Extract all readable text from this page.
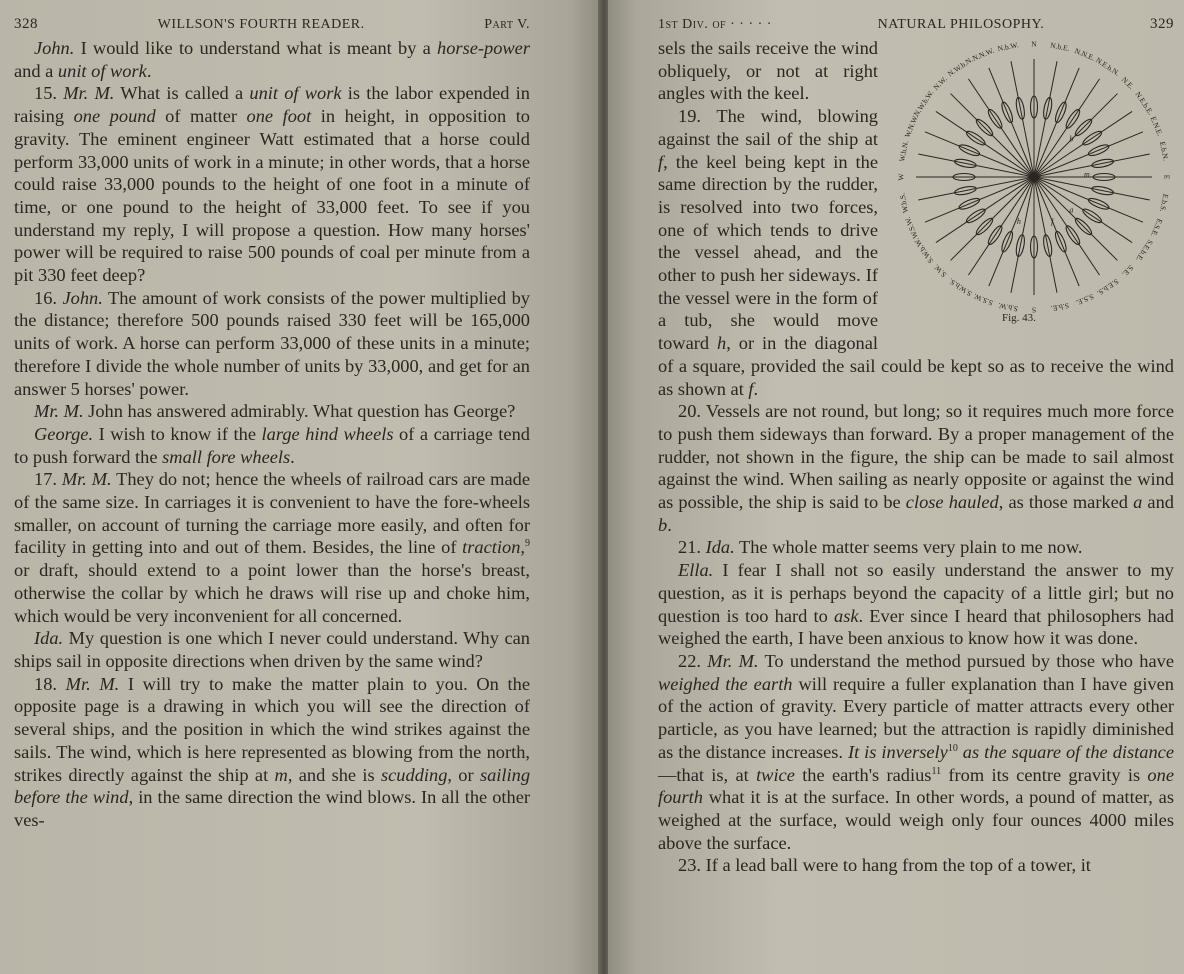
328	WILLSON'S FOURTH READER.	Part V.

John. I would like to understand what is meant by a horse-power and a unit of work.

15. Mr. M. What is called a unit of work is the labor expended in raising one pound of matter one foot in height, in opposition to gravity. The eminent engineer Watt estimated that a horse could perform 33,000 units of work in a minute; in other words, that a horse could raise 33,000 pounds to the height of one foot in a minute of time, or one pound to the height of 33,000 feet. To see if you understand my reply, I will propose a question. How many horses' power will be required to raise 500 pounds of coal per minute from a pit 330 feet deep?

16. John. The amount of work consists of the power multiplied by the distance; therefore 500 pounds raised 330 feet will be 165,000 units of work. A horse can perform 33,000 of these units in a minute; therefore I divide the whole number of units by 33,000, and get for an answer 5 horses' power.

Mr. M. John has answered admirably. What question has George?

George. I wish to know if the large hind wheels of a carriage tend to push forward the small fore wheels.

17. Mr. M. They do not; hence the wheels of railroad cars are made of the same size. In carriages it is convenient to have the fore-wheels smaller, on account of turning the carriage more easily, and often for facility in getting into and out of them. Besides, the line of traction,$^9$ or draft, should extend to a point lower than the horse's breast, otherwise the collar by which he draws will rise up and choke him, which would be very inconvenient for all concerned.

Ida. My question is one which I never could understand. Why can ships sail in opposite directions when driven by the same wind?

18. Mr. M. I will try to make the matter plain to you. On the opposite page is a drawing in which you will see the direction of several ships, and the position in which the wind strikes against the sails. The wind, which is here represented as blowing from the north, strikes directly against the ship at m, and she is scudding, or sailing before the wind, in the same direction the wind blows. In all the other ves-

1st Div. of · · · · ·	NATURAL PHILOSOPHY.	329
N N.b.E. N.N.E.
N.E.b.N.
N.E.
N.E.b.E.
E.N.E.
E.b.N.
E
E.b.S.
E.S.E.
S.E.b.E.
S.E.
S.E.b.S.
S.S.E.
S.b.E.
S
S.b.W.
S.S.W.
S.W.b.S.
S.W.
S.W.b.W.
W.S.W.
W.b.S.
W
W.b.N.
W.N.W.
N.W.b.W.
N.W.
N.W.b.N.
N.N.W. N.b.W.
a
b
f
h
m
Fig. 43.

sels the sails receive the wind obliquely, or not at right angles with the keel.

19. The wind, blowing against the sail of the ship at f, the keel being kept in the same direction by the rudder, is resolved into two forces, one of which tends to drive the vessel ahead, and the other to push her sideways. If the vessel were in the form of a tub, she would move toward h, or in the diagonal of a square, provided the sail could be kept so as to receive the wind as shown at f.

20. Vessels are not round, but long; so it requires much more force to push them sideways than forward. By a proper management of the rudder, not shown in the figure, the ship can be made to sail almost against the wind. When sailing as nearly opposite or against the wind as possible, the ship is said to be close hauled, as those marked a and b.

21. Ida. The whole matter seems very plain to me now.

Ella. I fear I shall not so easily understand the answer to my question, as it is perhaps beyond the capacity of a little girl; but no question is too hard to ask. Ever since I heard that philosophers had weighed the earth, I have been anxious to know how it was done.

22. Mr. M. To understand the method pursued by those who have weighed the earth will require a fuller explanation than I have given of the action of gravity. Every particle of matter attracts every other particle, as you have learned; but the attraction is rapidly diminished as the distance increases. It is inversely$^{10}$ as the square of the distance—that is, at twice the earth's radius$^{11}$ from its centre gravity is one fourth what it is at the surface. In other words, a pound of matter, as weighed at the surface, would weigh only four ounces 4000 miles above the surface.

23. If a lead ball were to hang from the top of a tower, it
